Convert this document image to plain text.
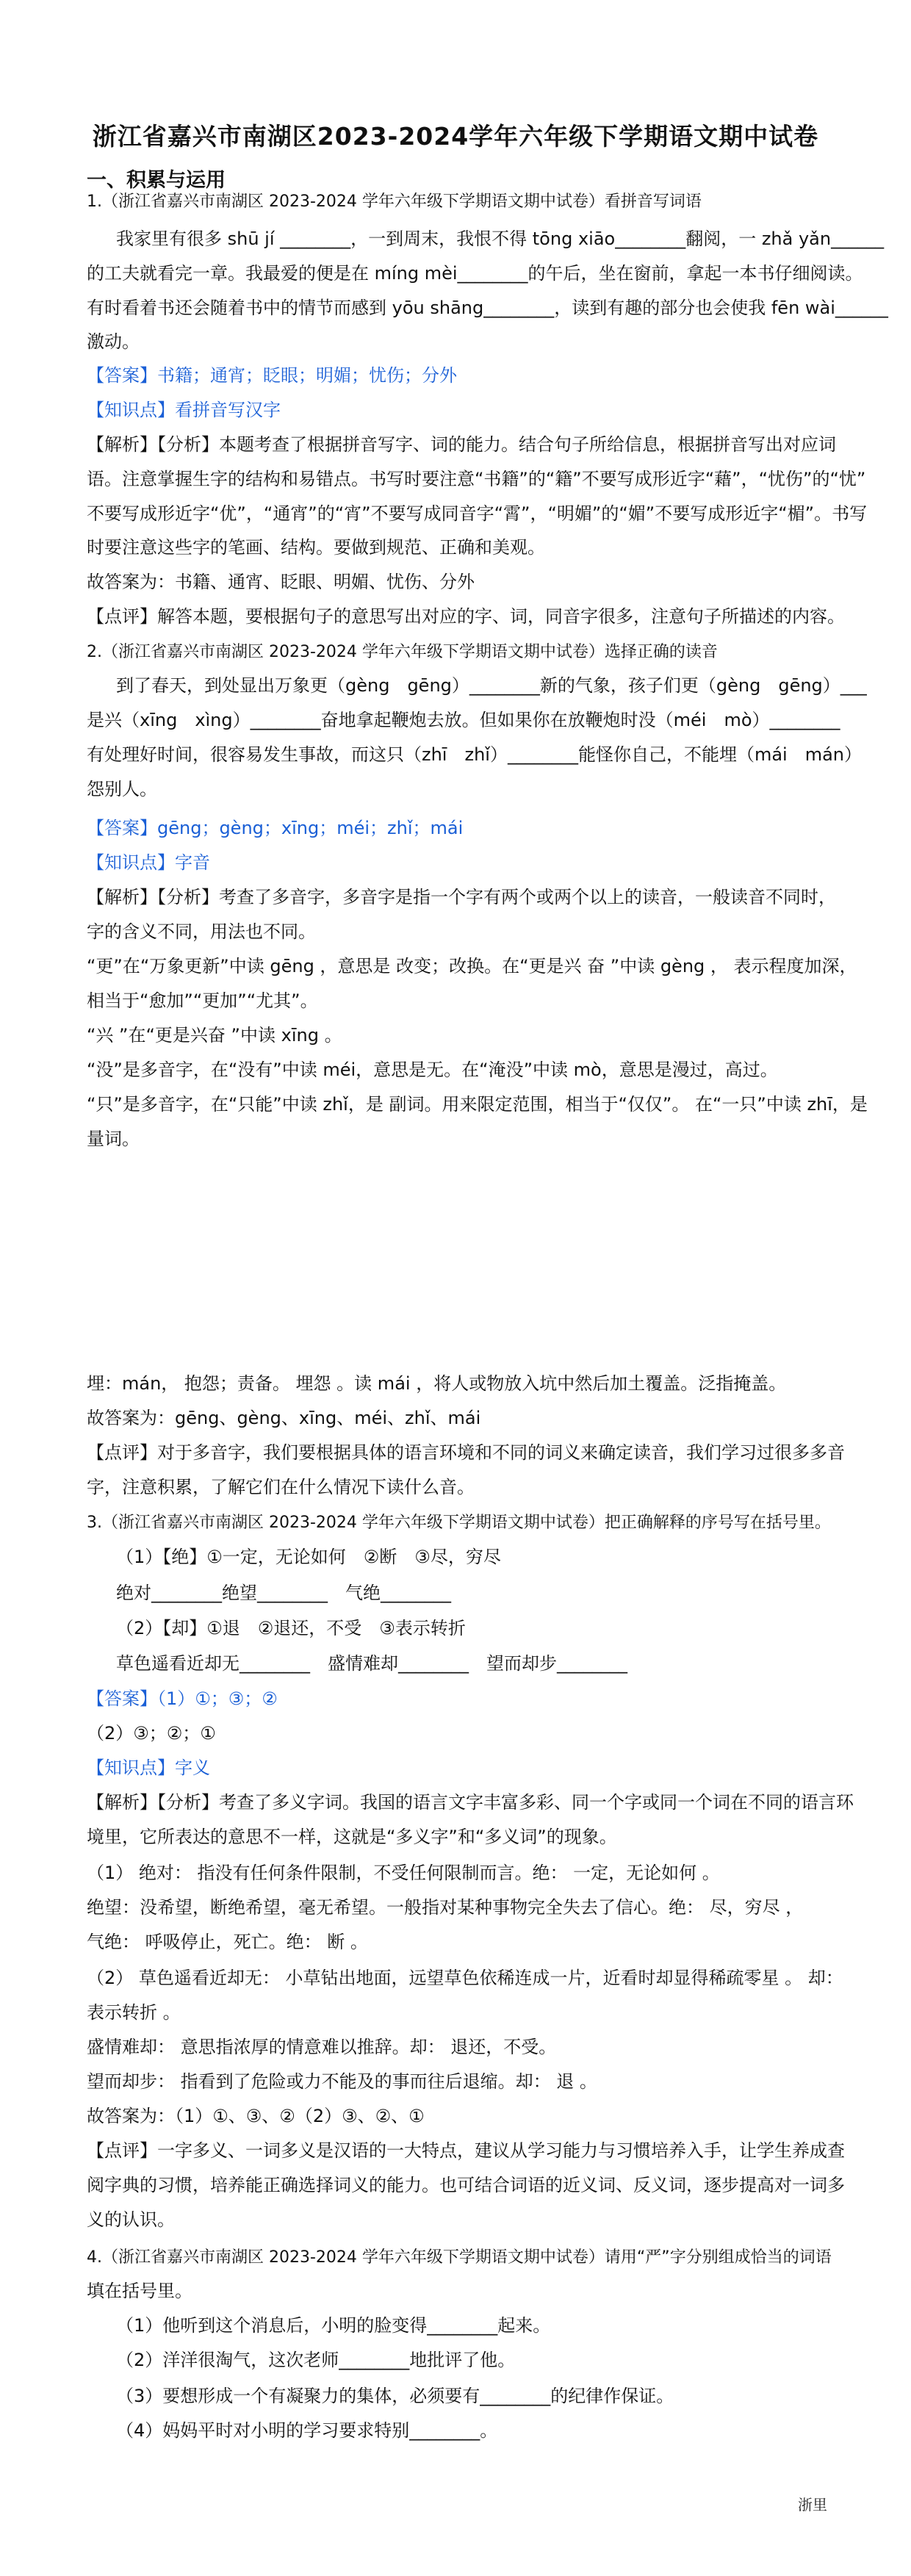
浙江省嘉兴市南湖区2023-2024学年六年级下学期语文期中试卷
一、积累与运用
1.（浙江省嘉兴市南湖区 2023-2024 学年六年级下学期语文期中试卷）看拼音写词语
我家里有很多 shū jí ________，一到周末，我恨不得 tōng xiāo________翻阅，一 zhǎ yǎn______
的工夫就看完一章。我最爱的便是在 míng mèi________的午后，坐在窗前，拿起一本书仔细阅读。
有时看着书还会随着书中的情节而感到 yōu shāng________，读到有趣的部分也会使我 fēn wài______
激动。
【答案】书籍；通宵；眨眼；明媚；忧伤；分外
【知识点】看拼音写汉字
【解析】【分析】本题考查了根据拼音写字、词的能力。结合句子所给信息，根据拼音写出对应词
语。注意掌握生字的结构和易错点。书写时要注意“书籍”的“籍”不要写成形近字“藉”，“忧伤”的“忧”
不要写成形近字“优”，“通宵”的“宵”不要写成同音字“霄”，“明媚”的“媚”不要写成形近字“楣”。书写
时要注意这些字的笔画、结构。要做到规范、正确和美观。
故答案为：书籍、通宵、眨眼、明媚、忧伤、分外
【点评】解答本题，要根据句子的意思写出对应的字、词，同音字很多，注意句子所描述的内容。
2.（浙江省嘉兴市南湖区 2023-2024 学年六年级下学期语文期中试卷）选择正确的读音
到了春天，到处显出万象更（gèng　gēng）________新的气象，孩子们更（gèng　gēng）___
是兴（xīng　xìng）________奋地拿起鞭炮去放。但如果你在放鞭炮时没（méi　mò）________
有处理好时间，很容易发生事故，而这只（zhī　zhǐ）________能怪你自己，不能埋（mái　mán）
怨别人。
【答案】gēng；gèng；xīng；méi；zhǐ；mái
【知识点】字音
【解析】【分析】考查了多音字，多音字是指一个字有两个或两个以上的读音，一般读音不同时，
字的含义不同，用法也不同。
“更”在“万象更新”中读 gēng ，意思是 改变；改换。在“更是兴 奋 ”中读 gèng ， 表示程度加深，
相当于“愈加”“更加”“尤其”。
“兴 ”在“更是兴奋 ”中读 xīng 。
“没”是多音字，在“没有”中读 méi，意思是无。在“淹没”中读 mò，意思是漫过，高过。
“只”是多音字，在“只能”中读 zhǐ，是 副词。用来限定范围，相当于“仅仅”。 在“一只”中读 zhī，是
量词。
埋：mán， 抱怨；责备。 埋怨 。读 mái ，将人或物放入坑中然后加土覆盖。泛指掩盖。
故答案为：gēng、gèng、xīng、méi、zhǐ、mái
【点评】对于多音字，我们要根据具体的语言环境和不同的词义来确定读音，我们学习过很多多音
字，注意积累，了解它们在什么情况下读什么音。
3.（浙江省嘉兴市南湖区 2023-2024 学年六年级下学期语文期中试卷）把正确解释的序号写在括号里。
（1）【绝】①一定，无论如何　②断　③尽，穷尽
绝对________绝望________　气绝________
（2）【却】①退　②退还，不受　③表示转折
草色遥看近却无________　盛情难却________　望而却步________
【答案】（1）①；③；②
（2）③；②；①
【知识点】字义
【解析】【分析】考查了多义字词。我国的语言文字丰富多彩、同一个字或同一个词在不同的语言环
境里，它所表达的意思不一样，这就是“多义字”和“多义词”的现象。
（1） 绝对： 指没有任何条件限制，不受任何限制而言。绝： 一定，无论如何 。
绝望：没希望，断绝希望，毫无希望。一般指对某种事物完全失去了信心。绝： 尽，穷尽 ，
气绝： 呼吸停止，死亡。绝： 断 。
（2） 草色遥看近却无： 小草钻出地面，远望草色依稀连成一片，近看时却显得稀疏零星 。 却：
表示转折 。
盛情难却： 意思指浓厚的情意难以推辞。却： 退还，不受。
望而却步： 指看到了危险或力不能及的事而往后退缩。却： 退 。
故答案为：（1）①、③、②（2）③、②、①
【点评】一字多义、一词多义是汉语的一大特点，建议从学习能力与习惯培养入手，让学生养成查
阅字典的习惯，培养能正确选择词义的能力。也可结合词语的近义词、反义词，逐步提高对一词多
义的认识。
4.（浙江省嘉兴市南湖区 2023-2024 学年六年级下学期语文期中试卷）请用“严”字分别组成恰当的词语
填在括号里。
（1）他听到这个消息后，小明的脸变得________起来。
（2）洋洋很淘气，这次老师________地批评了他。
（3）要想形成一个有凝聚力的集体，必须要有________的纪律作保证。
（4）妈妈平时对小明的学习要求特别________。
浙里
